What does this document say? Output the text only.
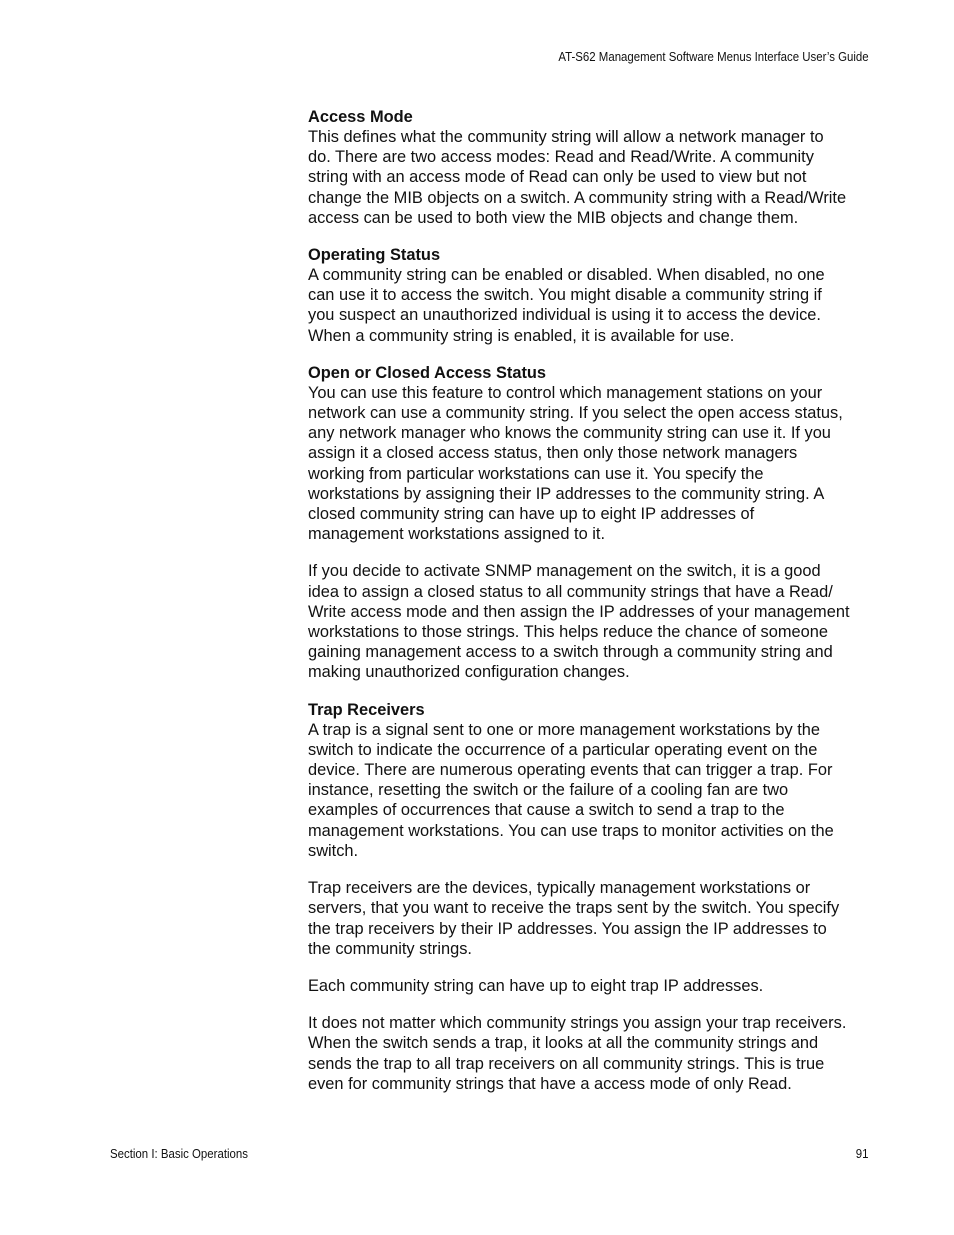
AT-S62 Management Software Menus Interface User’s Guide
Access Mode
This defines what the community string will allow a network manager to
do. There are two access modes: Read and Read/Write. A community
string with an access mode of Read can only be used to view but not
change the MIB objects on a switch. A community string with a Read/Write
access can be used to both view the MIB objects and change them.
Operating Status
A community string can be enabled or disabled. When disabled, no one
can use it to access the switch. You might disable a community string if
you suspect an unauthorized individual is using it to access the device.
When a community string is enabled, it is available for use.
Open or Closed Access Status
You can use this feature to control which management stations on your
network can use a community string. If you select the open access status,
any network manager who knows the community string can use it. If you
assign it a closed access status, then only those network managers
working from particular workstations can use it. You specify the
workstations by assigning their IP addresses to the community string. A
closed community string can have up to eight IP addresses of
management workstations assigned to it.
If you decide to activate SNMP management on the switch, it is a good
idea to assign a closed status to all community strings that have a Read/
Write access mode and then assign the IP addresses of your management
workstations to those strings. This helps reduce the chance of someone
gaining management access to a switch through a community string and
making unauthorized configuration changes.
Trap Receivers
A trap is a signal sent to one or more management workstations by the
switch to indicate the occurrence of a particular operating event on the
device. There are numerous operating events that can trigger a trap. For
instance, resetting the switch or the failure of a cooling fan are two
examples of occurrences that cause a switch to send a trap to the
management workstations. You can use traps to monitor activities on the
switch.
Trap receivers are the devices, typically management workstations or
servers, that you want to receive the traps sent by the switch. You specify
the trap receivers by their IP addresses. You assign the IP addresses to
the community strings.
Each community string can have up to eight trap IP addresses.
It does not matter which community strings you assign your trap receivers.
When the switch sends a trap, it looks at all the community strings and
sends the trap to all trap receivers on all community strings. This is true
even for community strings that have a access mode of only Read.
Section I: Basic Operations	91
